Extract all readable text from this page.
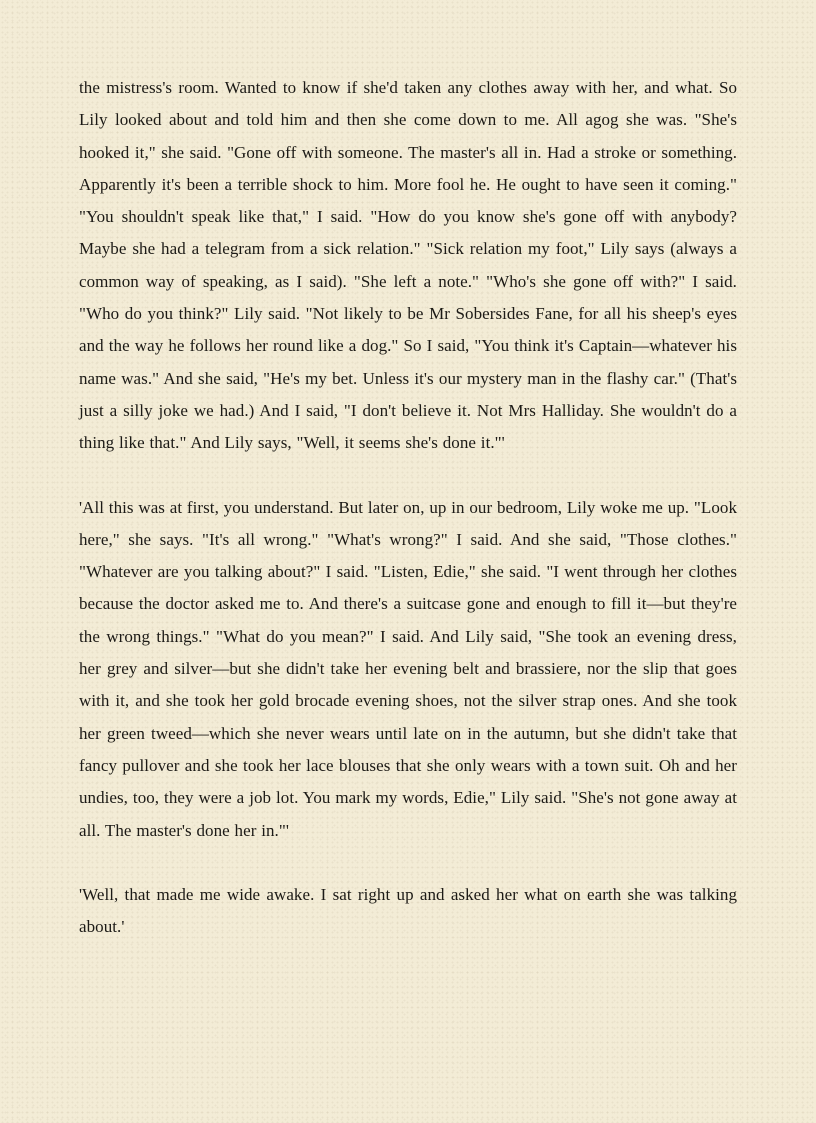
the mistress's room. Wanted to know if she'd taken any clothes away with her, and what. So Lily looked about and told him and then she come down to me. All agog she was. "She's hooked it," she said. "Gone off with someone. The master's all in. Had a stroke or something. Apparently it's been a terrible shock to him. More fool he. He ought to have seen it coming." "You shouldn't speak like that," I said. "How do you know she's gone off with anybody? Maybe she had a telegram from a sick relation." "Sick relation my foot," Lily says (always a common way of speaking, as I said). "She left a note." "Who's she gone off with?" I said. "Who do you think?" Lily said. "Not likely to be Mr Sobersides Fane, for all his sheep's eyes and the way he follows her round like a dog." So I said, "You think it's Captain—whatever his name was." And she said, "He's my bet. Unless it's our mystery man in the flashy car." (That's just a silly joke we had.) And I said, "I don't believe it. Not Mrs Halliday. She wouldn't do a thing like that." And Lily says, "Well, it seems she's done it."'

'All this was at first, you understand. But later on, up in our bedroom, Lily woke me up. "Look here," she says. "It's all wrong." "What's wrong?" I said. And she said, "Those clothes." "Whatever are you talking about?" I said. "Listen, Edie," she said. "I went through her clothes because the doctor asked me to. And there's a suitcase gone and enough to fill it—but they're the wrong things." "What do you mean?" I said. And Lily said, "She took an evening dress, her grey and silver—but she didn't take her evening belt and brassiere, nor the slip that goes with it, and she took her gold brocade evening shoes, not the silver strap ones. And she took her green tweed—which she never wears until late on in the autumn, but she didn't take that fancy pullover and she took her lace blouses that she only wears with a town suit. Oh and her undies, too, they were a job lot. You mark my words, Edie," Lily said. "She's not gone away at all. The master's done her in."'

'Well, that made me wide awake. I sat right up and asked her what on earth she was talking about.'
